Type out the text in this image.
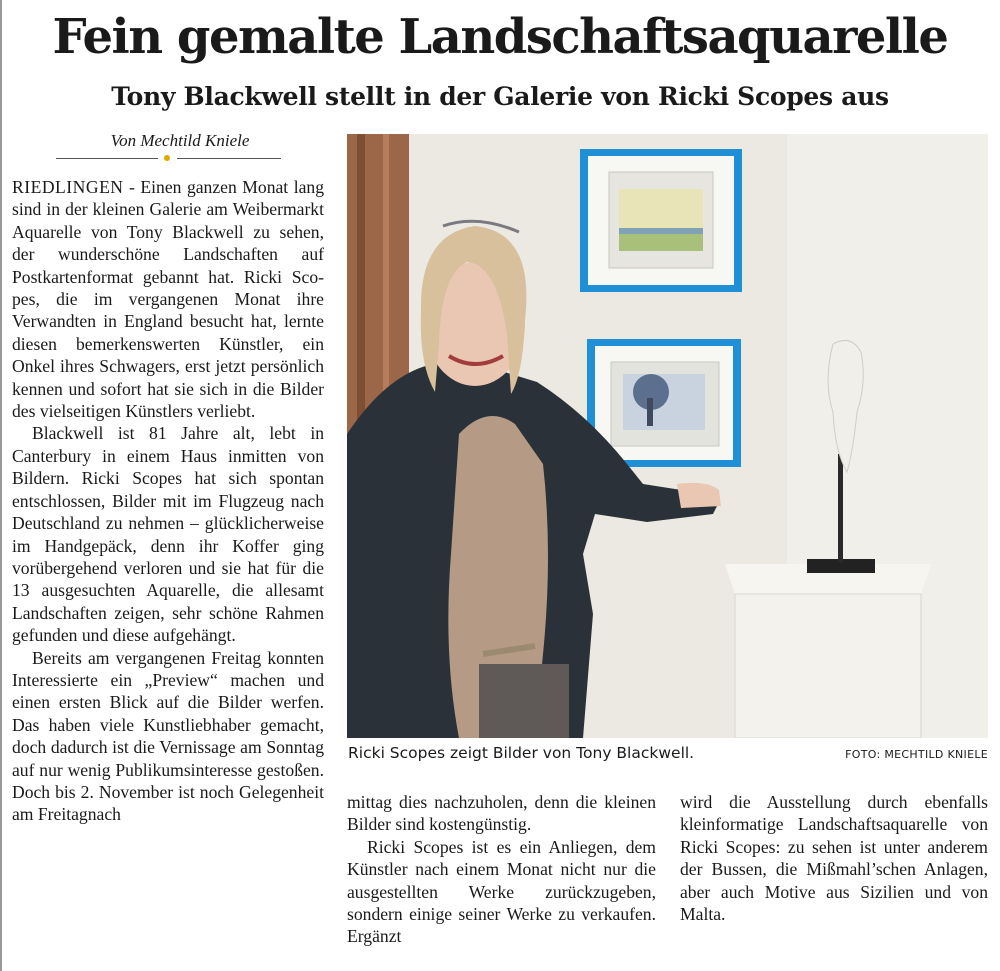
Fein gemalte Landschaftsaquarelle
Tony Blackwell stellt in der Galerie von Ricki Scopes aus
Von Mechtild Kniele

RIEDLINGEN - Einen ganzen Monat lang sind in der kleinen Galerie am Weibermarkt Aquarelle von Tony Blackwell zu sehen, der wunderschöne Landschaften auf Postkartenformat gebannt hat. Ricki Scopes, die im vergangenen Monat ihre Verwandten in England besucht hat, lernte diesen bemerkenswerten Künstler, ein Onkel ihres Schwagers, erst jetzt persönlich kennen und sofort hat sie sich in die Bilder des vielseitigen Künstlers verliebt.

Blackwell ist 81 Jahre alt, lebt in Canterbury in einem Haus inmitten von Bildern. Ricki Scopes hat sich spontan entschlossen, Bilder mit im Flugzeug nach Deutschland zu nehmen – glücklicherweise im Handgepäck, denn ihr Koffer ging vorübergehend verloren und sie hat für die 13 ausgesuchten Aquarelle, die allesamt Landschaften zeigen, sehr schöne Rahmen gefunden und diese aufgehängt.

Bereits am vergangenen Freitag konnten Interessierte ein „Preview“ machen und einen ersten Blick auf die Bilder werfen. Das haben viele Kunstliebhaber gemacht, doch dadurch ist die Vernissage am Sonntag auf nur wenig Publikumsinteresse gestoßen. Doch bis 2. November ist noch Gelegenheit am Freitagnach

mittag dies nachzuholen, denn die kleinen Bilder sind kostengünstig.

Ricki Scopes ist es ein Anliegen, dem Künstler nach einem Monat nicht nur die ausgestellten Werke zurückzugeben, sondern einige seiner Werke zu verkaufen. Ergänzt

wird die Ausstellung durch ebenfalls kleinformatige Landschaftsaquarelle von Ricki Scopes: zu sehen ist unter anderem der Bussen, die Mißmahl’schen Anlagen, aber auch Motive aus Sizilien und von Malta.

Ricki Scopes zeigt Bilder von Tony Blackwell.	FOTO: MECHTILD KNIELE
